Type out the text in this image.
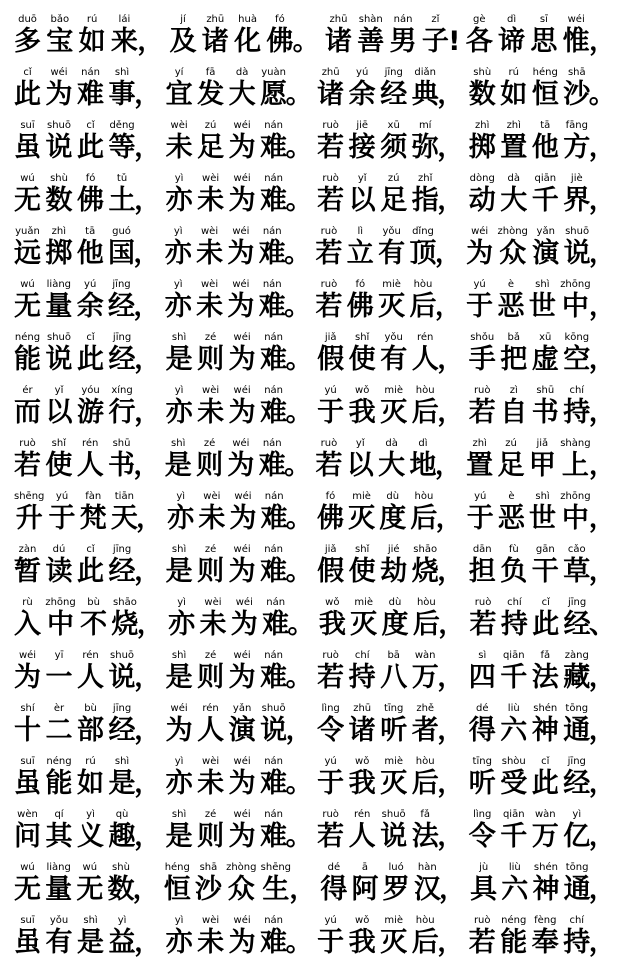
duō
多
bǎo
宝
rú
如
lái
来 ，
jí
及
zhū
诸
huà
化
fó
佛 。
zhū
诸
shàn
善
nán
男
zǐ
子 !
gè
各
dì
谛
sī
思
wéi
惟 ，
cǐ
此
wéi
为
nán
难
shì
事
，
yí
宜
fā
发
dà
大
yuàn
愿
。
zhū
诸
yú
余
jīng
经
diǎn
典
，
shù
数
rú
如
héng
恒
shā
沙
。
suī
虽
shuō
说
cǐ
此
děng
等
，
wèi
未
zú
足
wéi
为
nán
难
。
ruò
若
jiē
接
xū
须
mí
弥
，
zhì
掷
zhì
置
tā
他
fāng
方
，
wú
无
shù
数
fó
佛
tǔ
土
，
yì
亦
wèi
未
wéi
为
nán
难
。
ruò
若
yǐ
以
zú
足
zhǐ
指
，
dòng
动
dà
大
qiān
千
jiè
界
，
yuǎn
远
zhì
掷
tā
他
guó
国
，
yì
亦
wèi
未
wéi
为
nán
难
。
ruò
若
lì
立
yǒu
有
dǐng
顶
，
wéi
为
zhòng
众
yǎn
演
shuō
说
，
wú
无
liàng
量
yú
余
jīng
经
，
yì
亦
wèi
未
wéi
为
nán
难
。
ruò
若
fó
佛
miè
灭
hòu
后
，
yú
于
è
恶
shì
世
zhōng
中 ，
néng
能
shuō
说
cǐ
此
jīng
经
，
shì
是
zé
则
wéi
为
nán
难
。
jiǎ
假
shǐ
使
yǒu
有
rén
人
，
shǒu
手
bǎ
把
xū
虚
kōng
空
，
ér
而
yǐ
以
yóu
游
xíng
行
，
yì
亦
wèi
未
wéi
为
nán
难
。
yú
于
wǒ
我
miè
灭
hòu
后
，
ruò
若
zì
自
shū
书
chí
持
，
ruò
若
shǐ
使
rén
人
shū
书
，
shì
是
zé
则
wéi
为
nán
难
。
ruò
若
yǐ
以
dà
大
dì
地
，
zhì
置
zú
足
jiǎ
甲
shàng
上 ，
shēng
升
yú
于
fàn
梵
tiān
天
，
yì
亦
wèi
未
wéi
为
nán
难
。
fó
佛
miè
灭
dù
度
hòu
后
，
yú
于
è
恶
shì
世
zhōng
中 ，
zàn
暂
dú
读
cǐ
此
jīng
经
，
shì
是
zé
则
wéi
为
nán
难
。
jiǎ
假
shǐ
使
jié
劫
shāo
烧
，
dān
担
fù
负
gān
干
cǎo
草
，
rù
入
zhōng
中
bù
不
shāo
烧
，
yì
亦
wèi
未
wéi
为
nán
难
。
wǒ
我
miè
灭
dù
度
hòu
后
，
ruò
若
chí
持
cǐ
此
jīng
经
、
wéi
为
yī
一
rén
人
shuō
说
，
shì
是
zé
则
wéi
为
nán
难
。
ruò
若
chí
持
bā
八
wàn
万
，
sì
四
qiān
千
fǎ
法
zàng
藏
，
shí
十
èr
二
bù
部
jīng
经
，
wéi
为
rén
人
yǎn
演
shuō
说
，
lìng
令
zhū
诸
tīng
听
zhě
者
，
dé
得
liù
六
shén
神
tōng
通
，
suī
虽
néng
能
rú
如
shì
是
，
yì
亦
wèi
未
wéi
为
nán
难
。
yú
于
wǒ
我
miè
灭
hòu
后
，
tīng
听
shòu
受
cǐ
此
jīng
经
，
wèn
问
qí
其
yì
义
qù
趣
，
shì
是
zé
则
wéi
为
nán
难
。
ruò
若
rén
人
shuō
说
fǎ
法
，
lìng
令
qiān
千
wàn
万
yì
亿
，
wú
无
liàng
量
wú
无
shù
数
，
héng
恒
shā
沙
zhòng
众
shēng
生 ，
dé
得
ā
阿
luó
罗
hàn
汉
，
jù
具
liù
六
shén
神
tōng
通
，
suī
虽
yǒu
有
shì
是
yì
益
，
yì
亦
wèi
未
wéi
为
nán
难
。
yú
于
wǒ
我
miè
灭
hòu
后
，
ruò
若
néng
能
fèng
奉
chí
持
，
